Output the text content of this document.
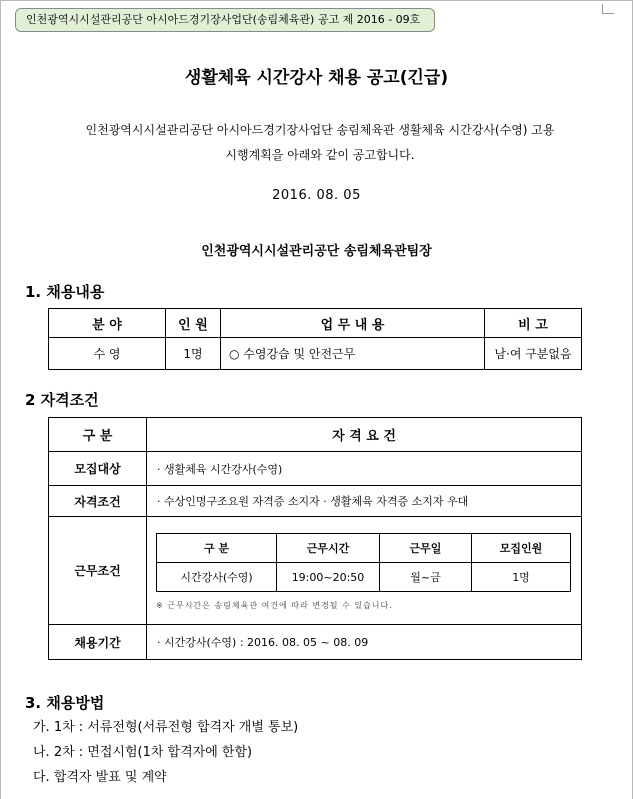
인천광역시시설관리공단 아시아드경기장사업단(송림체육관) 공고 제 2016 - 09호
생활체육 시간강사 채용 공고(긴급)
인천광역시시설관리공단 아시아드경기장사업단 송림체육관 생활체육 시간강사(수영) 고용
시행계획을 아래와 같이 공고합니다.
2016. 08. 05
인천광역시시설관리공단 송림체육관팀장
1. 채용내용
분 야	인 원	업 무 내 용	비 고
수 영	1명	○ 수영강습 및 안전근무	남·여 구분없음
2 자격조건
구 분	자 격 요 건
모집대상	· 생활체육 시간강사(수영)
자격조건	· 수상인명구조요원 자격증 소지자 · 생활체육 자격증 소지자 우대
근무조건	
구 분	근무시간	근무일	모집인원
시간강사(수영)	19:00~20:50	월~금	1명
※ 근무시간은 송림체육관 여건에 따라 변경될 수 있습니다.

채용기간	· 시간강사(수영) : 2016. 08. 05 ~ 08. 09
3. 채용방법
가. 1차 : 서류전형(서류전형 합격자 개별 통보)
나. 2차 : 면접시험(1차 합격자에 한함)
다. 합격자 발표 및 계약
